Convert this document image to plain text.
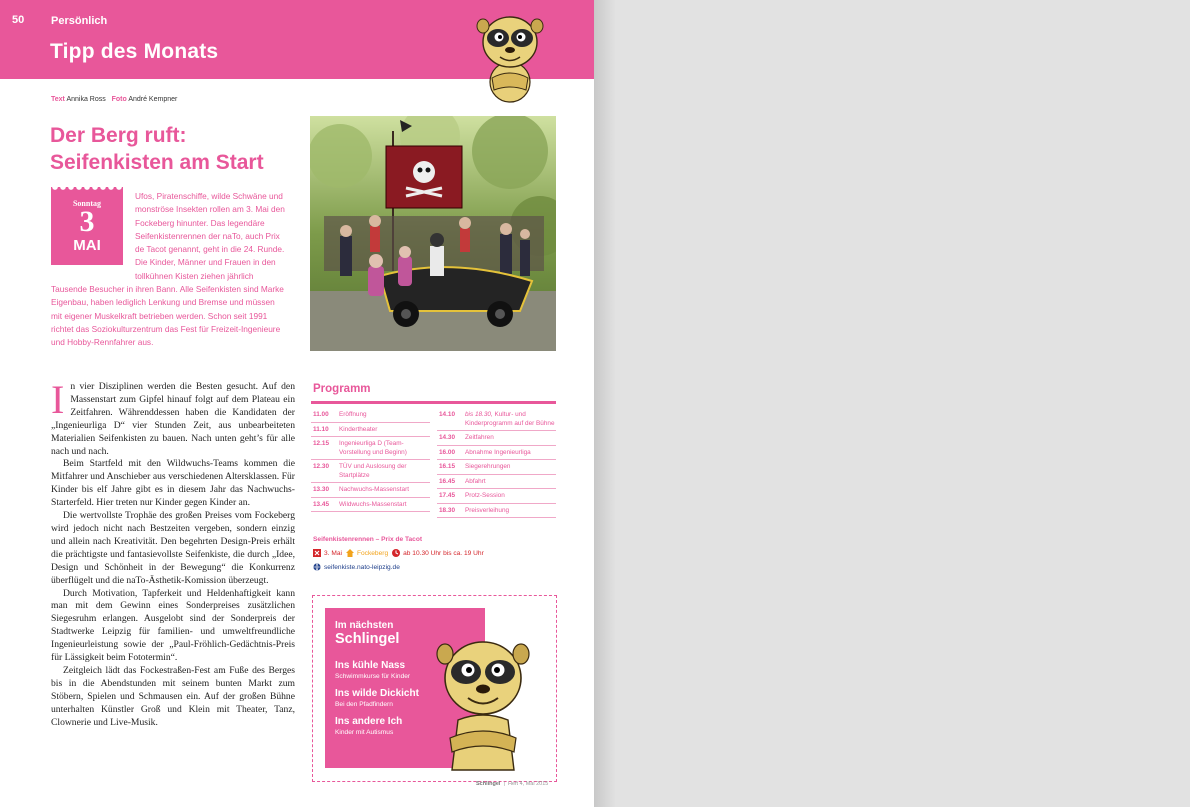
50 Persönlich
Tipp des Monats
Text Annika Ross Foto André Kempner
Der Berg ruft:
Seifenkisten am Start
Ufos, Piratenschiffe, wilde Schwäne und monströse Insekten rollen am 3. Mai den Fockeberg hinunter. Das legendäre Seifenkistenrennen der naTo, auch Prix de Tacot genannt, geht in die 24. Runde. Die Kinder, Männer und Frauen in den tollkühnen Kisten ziehen jährlich Tausende Besucher in ihren Bann. Alle Seifenkisten sind Marke Eigenbau, haben lediglich Lenkung und Bremse und müssen mit eigener Muskelkraft betrieben werden. Schon seit 1991 richtet das Soziokulturzentrum das Fest für Freizeit-Ingenieure und Hobby-Rennfahrer aus.
Sonntag
3
MAI
I n vier Disziplinen werden die Besten gesucht. Auf den Massenstart zum Gipfel hinauf folgt auf dem Plateau ein Zeitfahren. Währenddessen haben die Kandidaten der „Ingenieurliga D“ vier Stunden Zeit, aus unbearbeiteten Materialien Seifenkisten zu bauen. Nach unten geht’s für alle nach und nach.

Beim Startfeld mit den Wildwuchs-Teams kommen die Mitfahrer und Anschieber aus verschiedenen Altersklassen. Für Kinder bis elf Jahre gibt es in diesem Jahr das Nachwuchs-Starterfeld. Hier treten nur Kinder gegen Kinder an.

Die wertvollste Trophäe des großen Preises vom Fockeberg wird jedoch nicht nach Bestzeiten vergeben, sondern einzig und allein nach Kreativität. Den begehrten Design-Preis erhält die prächtigste und fantasievollste Seifenkiste, die durch „Idee, Design und Schönheit in der Bewegung“ die Konkurrenz überflügelt und die naTo-Ästhetik-Komission überzeugt.

Durch Motivation, Tapferkeit und Heldenhaftigkeit kann man mit dem Gewinn eines Sonderpreises zusätzlichen Siegesruhm erlangen. Ausgelobt sind der Sonderpreis der Stadtwerke Leipzig für familien- und umweltfreundliche Ingenieurleistung sowie der „Paul-Fröhlich-Gedächtnis-Preis für Lässigkeit beim Fototermin“.

Zeitgleich lädt das Fockestraßen-Fest am Fuße des Berges bis in die Abendstunden mit seinem bunten Markt zum Stöbern, Spielen und Schmausen ein. Auf der großen Bühne unterhalten Künstler Groß und Klein mit Theater, Tanz, Clownerie und Live-Musik.

Programm
11.00	Eröffnung
11.10	Kindertheater
12.15	Ingenieurliga D (Team-Vorstellung und Beginn)
12.30	TÜV und Auslosung der Startplätze
13.30	Nachwuchs-Massenstart
13.45	Wildwuchs-Massenstart
14.10	bis 18.30, Kultur- und Kinderprogramm auf der Bühne
14.30	Zeitfahren
16.00	Abnahme Ingenieurliga
16.15	Siegerehrungen
16.45	Abfahrt
17.45	Protz-Session
18.30	Preisverleihung
Seifenkistenrennen – Prix de Tacot
3. Mai Fockeberg ab 10.30 Uhr bis ca. 19 Uhr
seifenkiste.nato-leipzig.de
Im nächsten
Schlingel
Ins kühle Nass
Schwimmkurse für Kinder
Ins wilde Dickicht
Bei den Pfadfindern
Ins andere Ich
Kinder mit Autismus
Schlingel  |  Heft 4, Mai 2015
